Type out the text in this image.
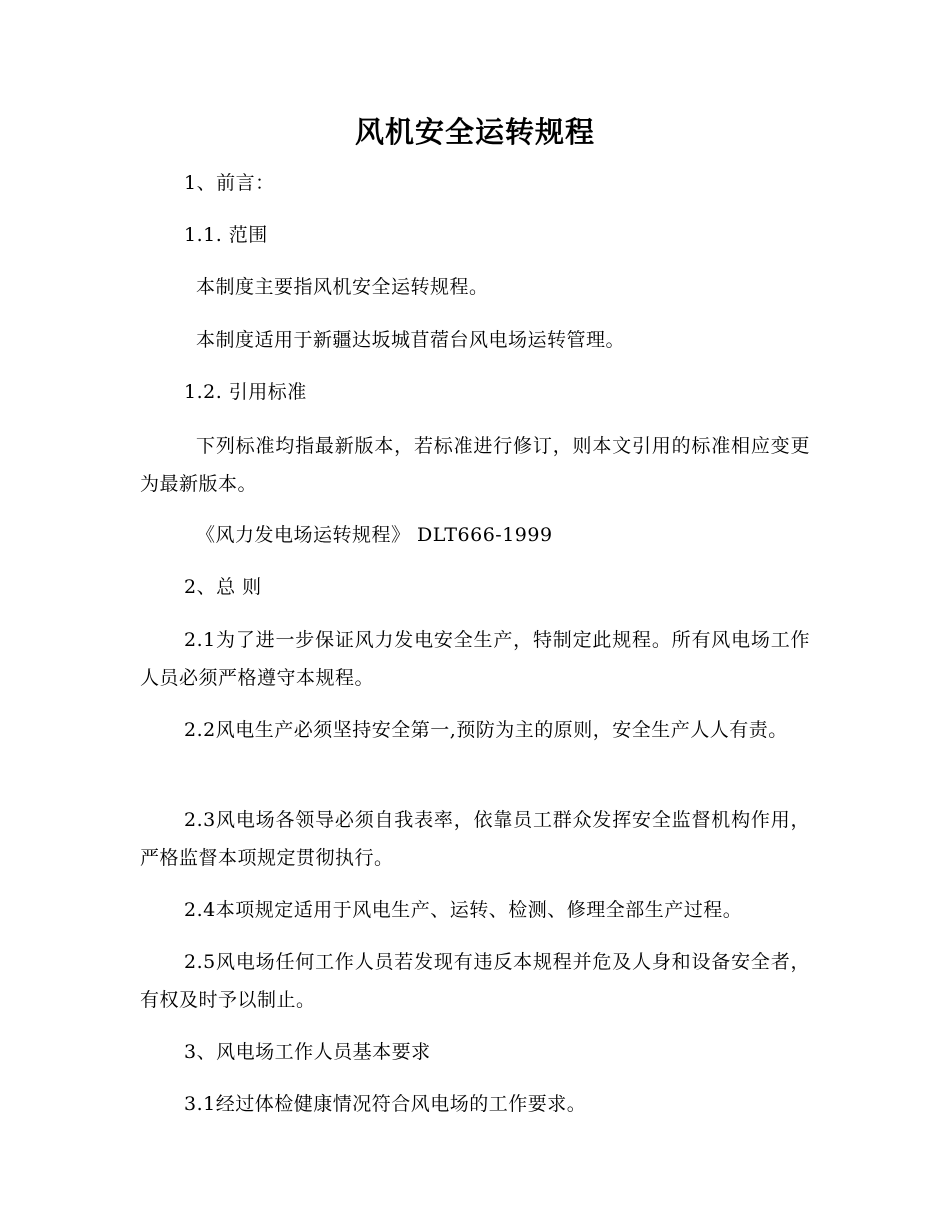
风机安全运转规程
1、前言：
1.1. 范围
本制度主要指风机安全运转规程。
本制度适用于新疆达坂城苜蓿台风电场运转管理。
1.2. 引用标准
下列标准均指最新版本，若标准进行修订，则本文引用的标准相应变更为最新版本。
《风力发电场运转规程》 DLT666-1999
2、总 则
2.1为了进一步保证风力发电安全生产，特制定此规程。所有风电场工作人员必须严格遵守本规程。
2.2风电生产必须坚持安全第一,预防为主的原则，安全生产人人有责。
2.3风电场各领导必须自我表率，依靠员工群众发挥安全监督机构作用，严格监督本项规定贯彻执行。
2.4本项规定适用于风电生产、运转、检测、修理全部生产过程。
2.5风电场任何工作人员若发现有违反本规程并危及人身和设备安全者，有权及时予以制止。
3、风电场工作人员基本要求
3.1经过体检健康情况符合风电场的工作要求。
